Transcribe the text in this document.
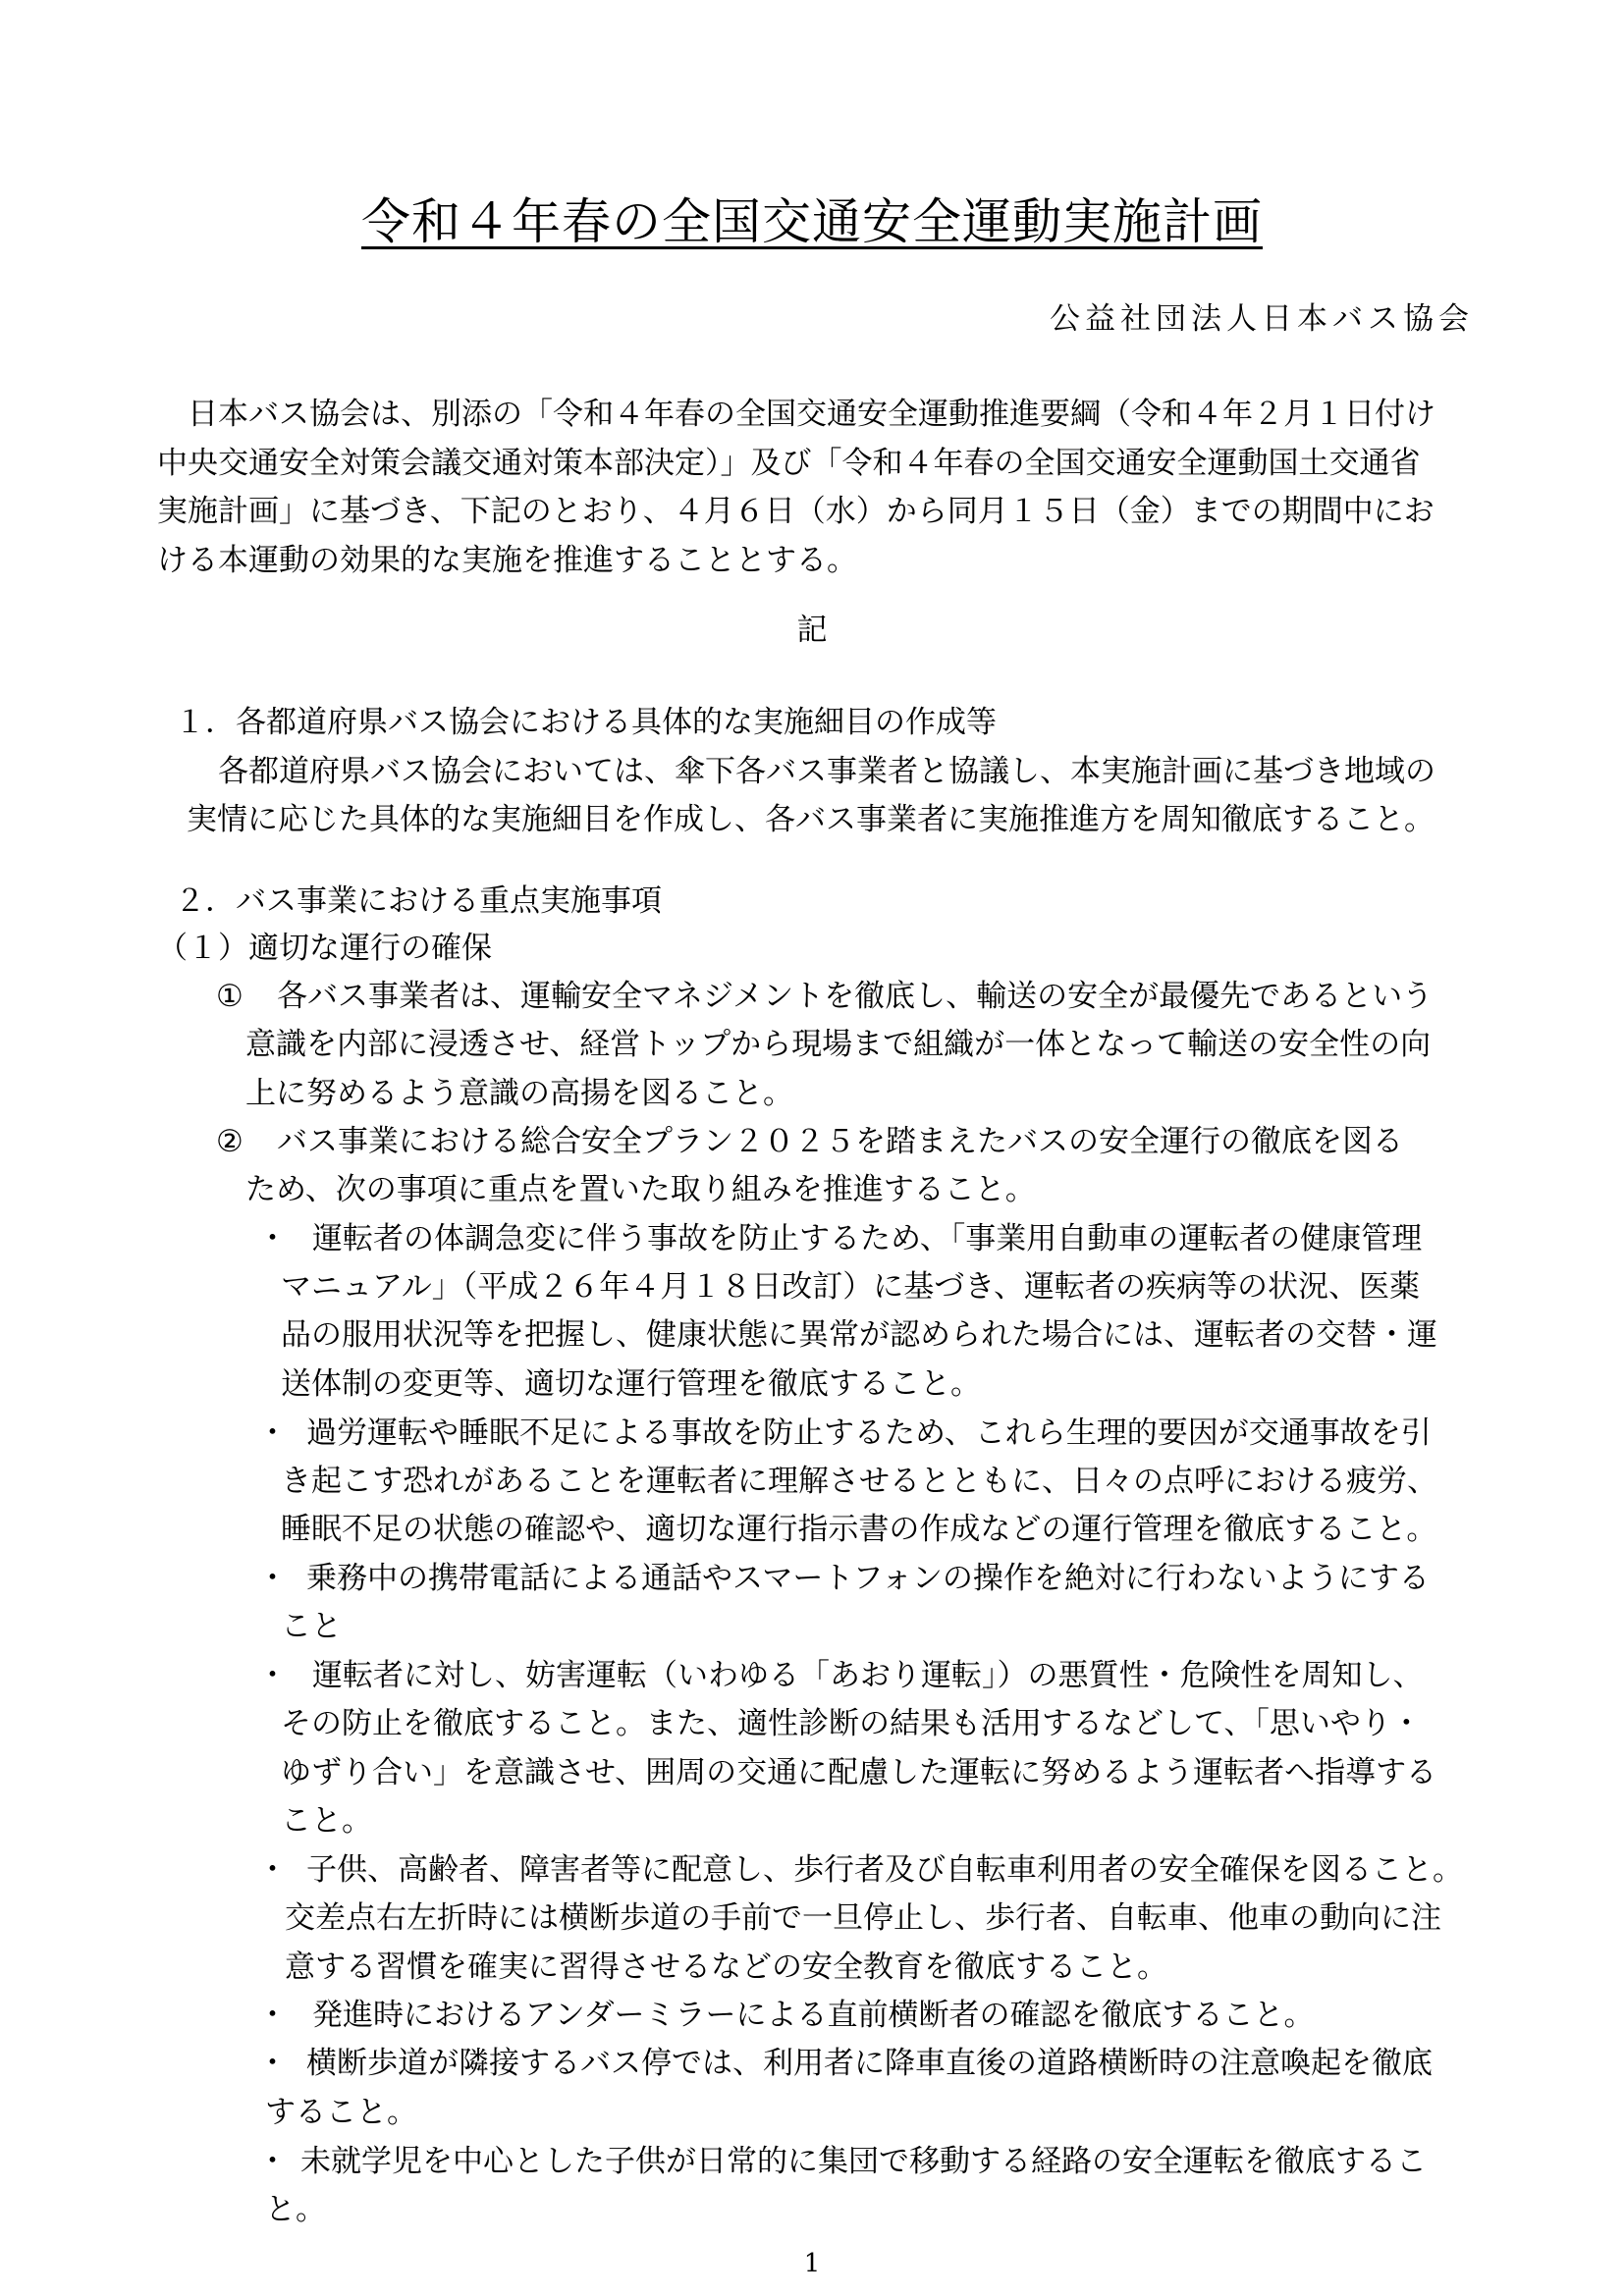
令和４年春の全国交通安全運動実施計画
公益社団法人日本バス協会

　日本バス協会は、別添の「令和４年春の全国交通安全運動推進要綱（令和４年２月１日付け

中央交通安全対策会議交通対策本部決定）」及び「令和４年春の全国交通安全運動国土交通省

実施計画」に基づき、下記のとおり、４月６日（水）から同月１５日（金）までの期間中にお

ける本運動の効果的な実施を推進することとする。

記
１．各都道府県バス協会における具体的な実施細目の作成等
各都道府県バス協会においては、傘下各バス事業者と協議し、本実施計画に基づき地域の
実情に応じた具体的な実施細目を作成し、各バス事業者に実施推進方を周知徹底すること。
２．バス事業における重点実施事項
（１）適切な運行の確保
① 各バス事業者は、運輸安全マネジメントを徹底し、輸送の安全が最優先であるという
意識を内部に浸透させ、経営トップから現場まで組織が一体となって輸送の安全性の向
上に努めるよう意識の高揚を図ること。
② バス事業における総合安全プラン２０２５を踏まえたバスの安全運行の徹底を図る
ため、次の事項に重点を置いた取り組みを推進すること。
・ 運転者の体調急変に伴う事故を防止するため、「事業用自動車の運転者の健康管理
マニュアル」（平成２６年４月１８日改訂）に基づき、運転者の疾病等の状況、医薬
品の服用状況等を把握し、健康状態に異常が認められた場合には、運転者の交替・運
送体制の変更等、適切な運行管理を徹底すること。
・ 過労運転や睡眠不足による事故を防止するため、これら生理的要因が交通事故を引
き起こす恐れがあることを運転者に理解させるとともに、日々の点呼における疲労、
睡眠不足の状態の確認や、適切な運行指示書の作成などの運行管理を徹底すること。
・ 乗務中の携帯電話による通話やスマートフォンの操作を絶対に行わないようにする
こと
・ 運転者に対し、妨害運転（いわゆる「あおり運転」）の悪質性・危険性を周知し、
その防止を徹底すること。また、適性診断の結果も活用するなどして、「思いやり・
ゆずり合い」を意識させ、囲周の交通に配慮した運転に努めるよう運転者へ指導する
こと。
・ 子供、高齢者、障害者等に配意し、歩行者及び自転車利用者の安全確保を図ること。
交差点右左折時には横断歩道の手前で一旦停止し、歩行者、自転車、他車の動向に注
意する習慣を確実に習得させるなどの安全教育を徹底すること。
・ 発進時におけるアンダーミラーによる直前横断者の確認を徹底すること。
・ 横断歩道が隣接するバス停では、利用者に降車直後の道路横断時の注意喚起を徹底
すること。
・ 未就学児を中心とした子供が日常的に集団で移動する経路の安全運転を徹底するこ
と。
1
